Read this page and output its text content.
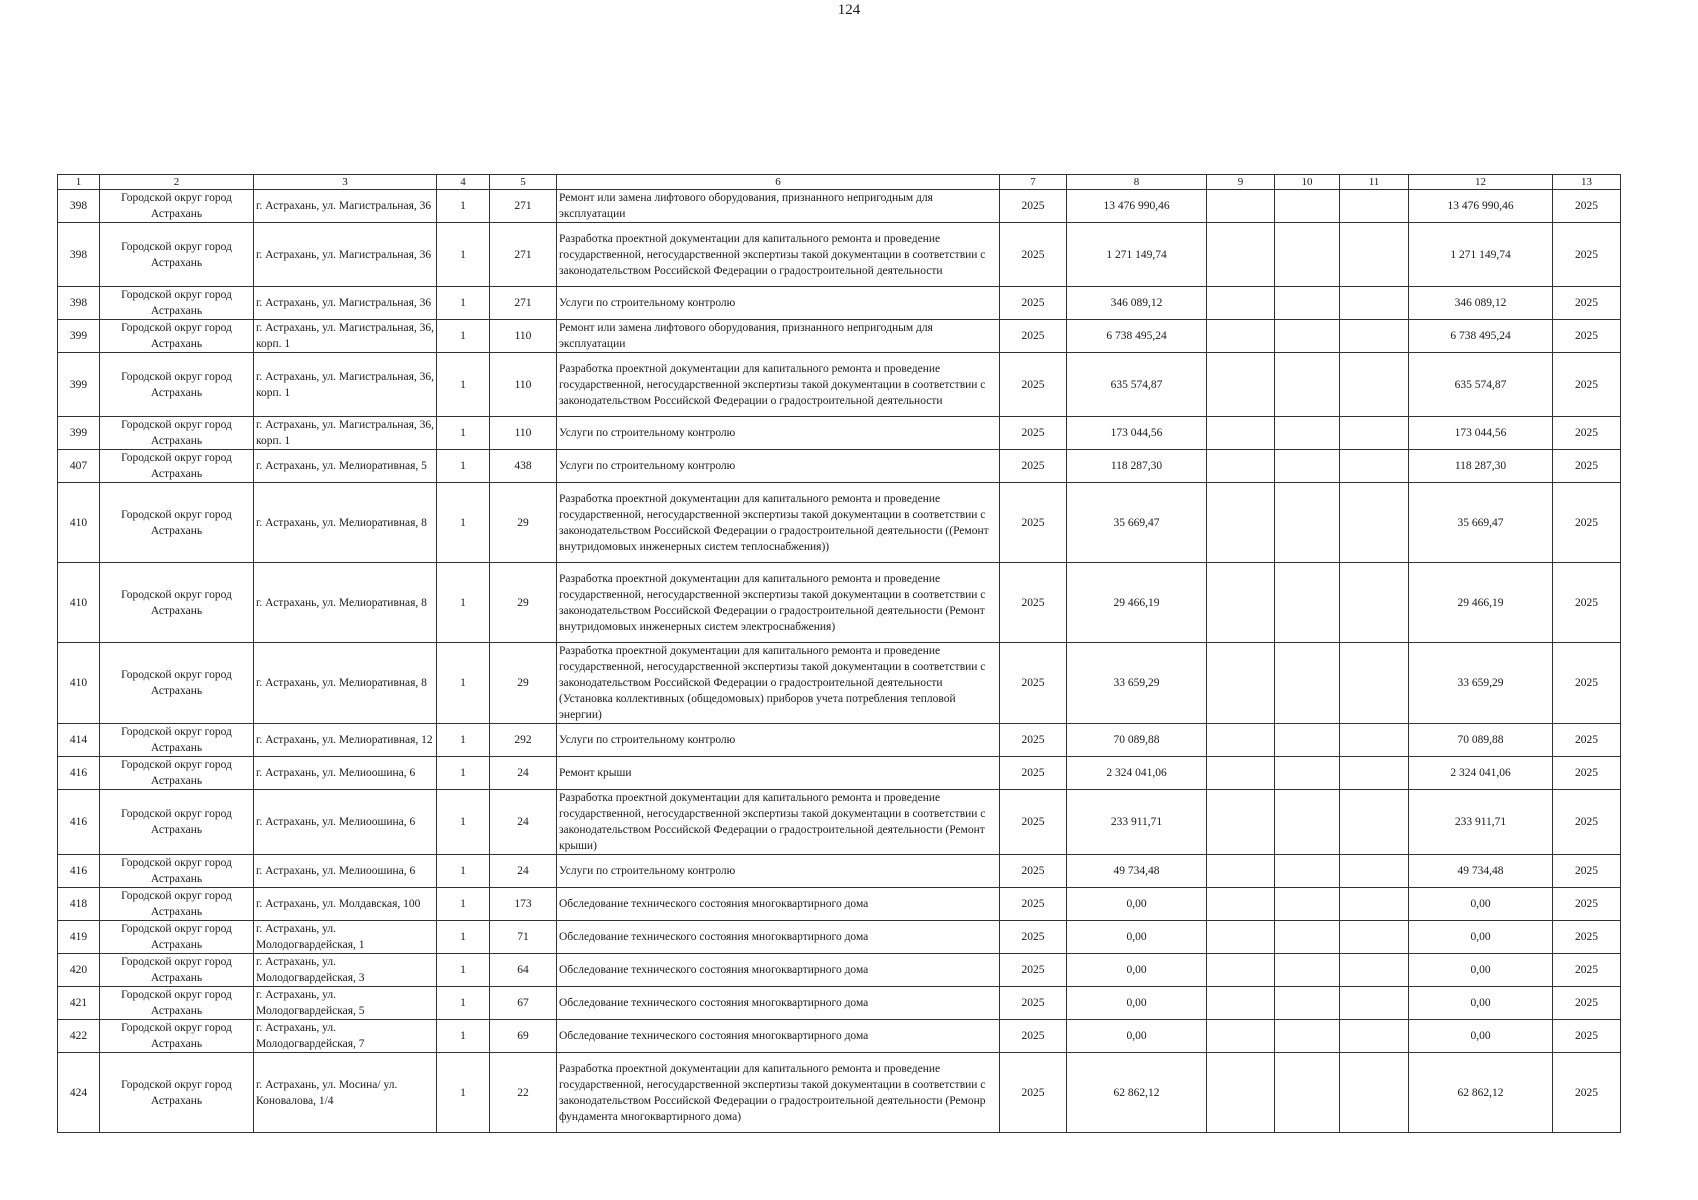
124
1	2	3	4	5	6	7	8	9	10	11	12	13
398	Городской округ город Астрахань	г. Астрахань, ул. Магистральная, 36	1	271	Ремонт или замена лифтового оборудования, признанного непригодным для эксплуатации	2025	13 476 990,46				13 476 990,46	2025
398	Городской округ город Астрахань	г. Астрахань, ул. Магистральная, 36	1	271	Разработка проектной документации для капитального ремонта и проведение государственной, негосударственной экспертизы такой документации в соответствии с законодательством Российской Федерации о градостроительной деятельности	2025	1 271 149,74				1 271 149,74	2025
398	Городской округ город Астрахань	г. Астрахань, ул. Магистральная, 36	1	271	Услуги по строительному контролю	2025	346 089,12				346 089,12	2025
399	Городской округ город Астрахань	г. Астрахань, ул. Магистральная, 36, корп. 1	1	110	Ремонт или замена лифтового оборудования, признанного непригодным для эксплуатации	2025	6 738 495,24				6 738 495,24	2025
399	Городской округ город Астрахань	г. Астрахань, ул. Магистральная, 36, корп. 1	1	110	Разработка проектной документации для капитального ремонта и проведение государственной, негосударственной экспертизы такой документации в соответствии с законодательством Российской Федерации о градостроительной деятельности	2025	635 574,87				635 574,87	2025
399	Городской округ город Астрахань	г. Астрахань, ул. Магистральная, 36, корп. 1	1	110	Услуги по строительному контролю	2025	173 044,56				173 044,56	2025
407	Городской округ город Астрахань	г. Астрахань, ул. Мелиоративная, 5	1	438	Услуги по строительному контролю	2025	118 287,30				118 287,30	2025
410	Городской округ город Астрахань	г. Астрахань, ул. Мелиоративная, 8	1	29	Разработка проектной документации для капитального ремонта и проведение государственной, негосударственной экспертизы такой документации в соответствии с законодательством Российской Федерации о градостроительной деятельности ((Ремонт внутридомовых инженерных систем теплоснабжения))	2025	35 669,47				35 669,47	2025
410	Городской округ город Астрахань	г. Астрахань, ул. Мелиоративная, 8	1	29	Разработка проектной документации для капитального ремонта и проведение государственной, негосударственной экспертизы такой документации в соответствии с законодательством Российской Федерации о градостроительной деятельности (Ремонт внутридомовых инженерных систем электроснабжения)	2025	29 466,19				29 466,19	2025
410	Городской округ город Астрахань	г. Астрахань, ул. Мелиоративная, 8	1	29	Разработка проектной документации для капитального ремонта и проведение государственной, негосударственной экспертизы такой документации в соответствии с законодательством Российской Федерации о градостроительной деятельности (Установка коллективных (общедомовых) приборов учета потребления тепловой энергии)	2025	33 659,29				33 659,29	2025
414	Городской округ город Астрахань	г. Астрахань, ул. Мелиоративная, 12	1	292	Услуги по строительному контролю	2025	70 089,88				70 089,88	2025
416	Городской округ город Астрахань	г. Астрахань, ул. Мелиоошина, 6	1	24	Ремонт крыши	2025	2 324 041,06				2 324 041,06	2025
416	Городской округ город Астрахань	г. Астрахань, ул. Мелиоошина, 6	1	24	Разработка проектной документации для капитального ремонта и проведение государственной, негосударственной экспертизы такой документации в соответствии с законодательством Российской Федерации о градостроительной деятельности (Ремонт крыши)	2025	233 911,71				233 911,71	2025
416	Городской округ город Астрахань	г. Астрахань, ул. Мелиоошина, 6	1	24	Услуги по строительному контролю	2025	49 734,48				49 734,48	2025
418	Городской округ город Астрахань	г. Астрахань, ул. Молдавская, 100	1	173	Обследование технического состояния многоквартирного дома	2025	0,00				0,00	2025
419	Городской округ город Астрахань	г. Астрахань, ул. Молодогвардейская, 1	1	71	Обследование технического состояния многоквартирного дома	2025	0,00				0,00	2025
420	Городской округ город Астрахань	г. Астрахань, ул. Молодогвардейская, 3	1	64	Обследование технического состояния многоквартирного дома	2025	0,00				0,00	2025
421	Городской округ город Астрахань	г. Астрахань, ул. Молодогвардейская, 5	1	67	Обследование технического состояния многоквартирного дома	2025	0,00				0,00	2025
422	Городской округ город Астрахань	г. Астрахань, ул. Молодогвардейская, 7	1	69	Обследование технического состояния многоквартирного дома	2025	0,00				0,00	2025
424	Городской округ город Астрахань	г. Астрахань, ул. Мосина/ ул. Коновалова, 1/4	1	22	Разработка проектной документации для капитального ремонта и проведение государственной, негосударственной экспертизы такой документации в соответствии с законодательством Российской Федерации о градостроительной деятельности (Ремонр фундамента многоквартирного дома)	2025	62 862,12				62 862,12	2025
